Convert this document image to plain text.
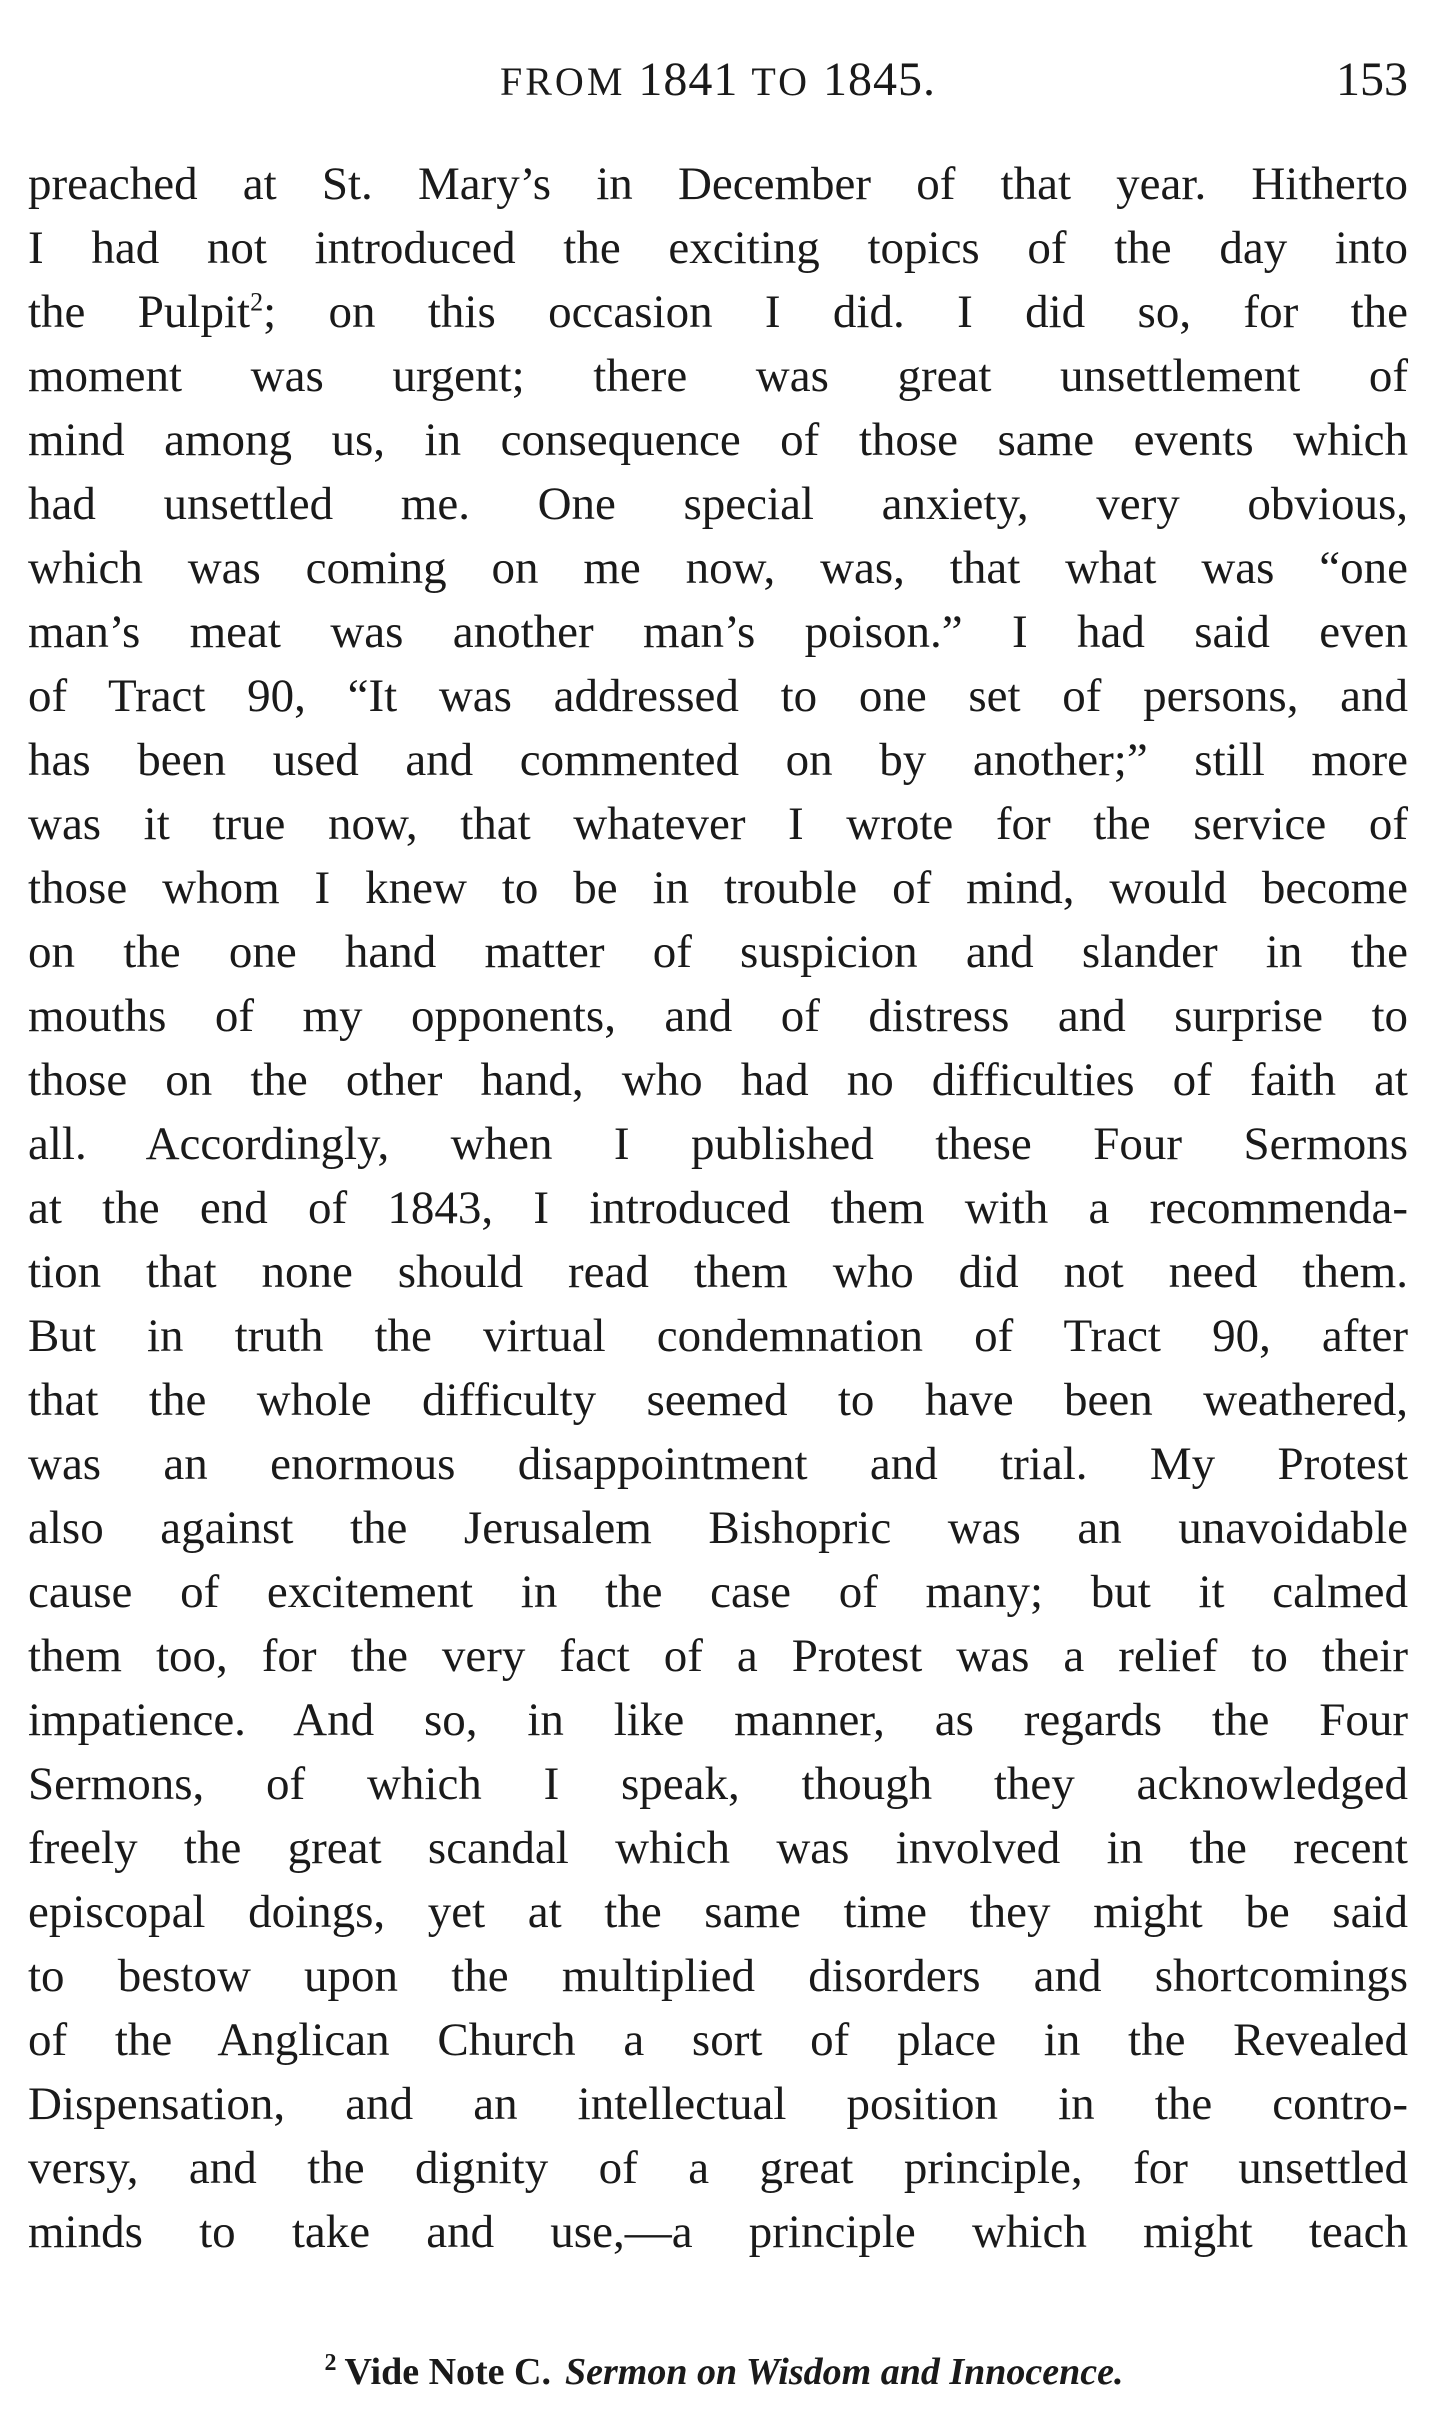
FROM 1841 TO 1845.	153
preached at St. Mary’s in December of that year. Hitherto
I had not introduced the exciting topics of the day into
the Pulpit$^2$; on this occasion I did. I did so, for the
moment was urgent; there was great unsettlement of
mind among us, in consequence of those same events which
had unsettled me. One special anxiety, very obvious,
which was coming on me now, was, that what was “one
man’s meat was another man’s poison.” I had said even
of Tract 90, “It was addressed to one set of persons, and
has been used and commented on by another;” still more
was it true now, that whatever I wrote for the service of
those whom I knew to be in trouble of mind, would become
on the one hand matter of suspicion and slander in the
mouths of my opponents, and of distress and surprise to
those on the other hand, who had no difficulties of faith at
all. Accordingly, when I published these Four Sermons
at the end of 1843, I introduced them with a recommenda-
tion that none should read them who did not need them.
But in truth the virtual condemnation of Tract 90, after
that the whole difficulty seemed to have been weathered,
was an enormous disappointment and trial. My Protest
also against the Jerusalem Bishopric was an unavoidable
cause of excitement in the case of many; but it calmed
them too, for the very fact of a Protest was a relief to their
impatience. And so, in like manner, as regards the Four
Sermons, of which I speak, though they acknowledged
freely the great scandal which was involved in the recent
episcopal doings, yet at the same time they might be said
to bestow upon the multiplied disorders and shortcomings
of the Anglican Church a sort of place in the Revealed
Dispensation, and an intellectual position in the contro-
versy, and the dignity of a great principle, for unsettled
minds to take and use,—a principle which might teach
$^2$ Vide Note C. Sermon on Wisdom and Innocence.
